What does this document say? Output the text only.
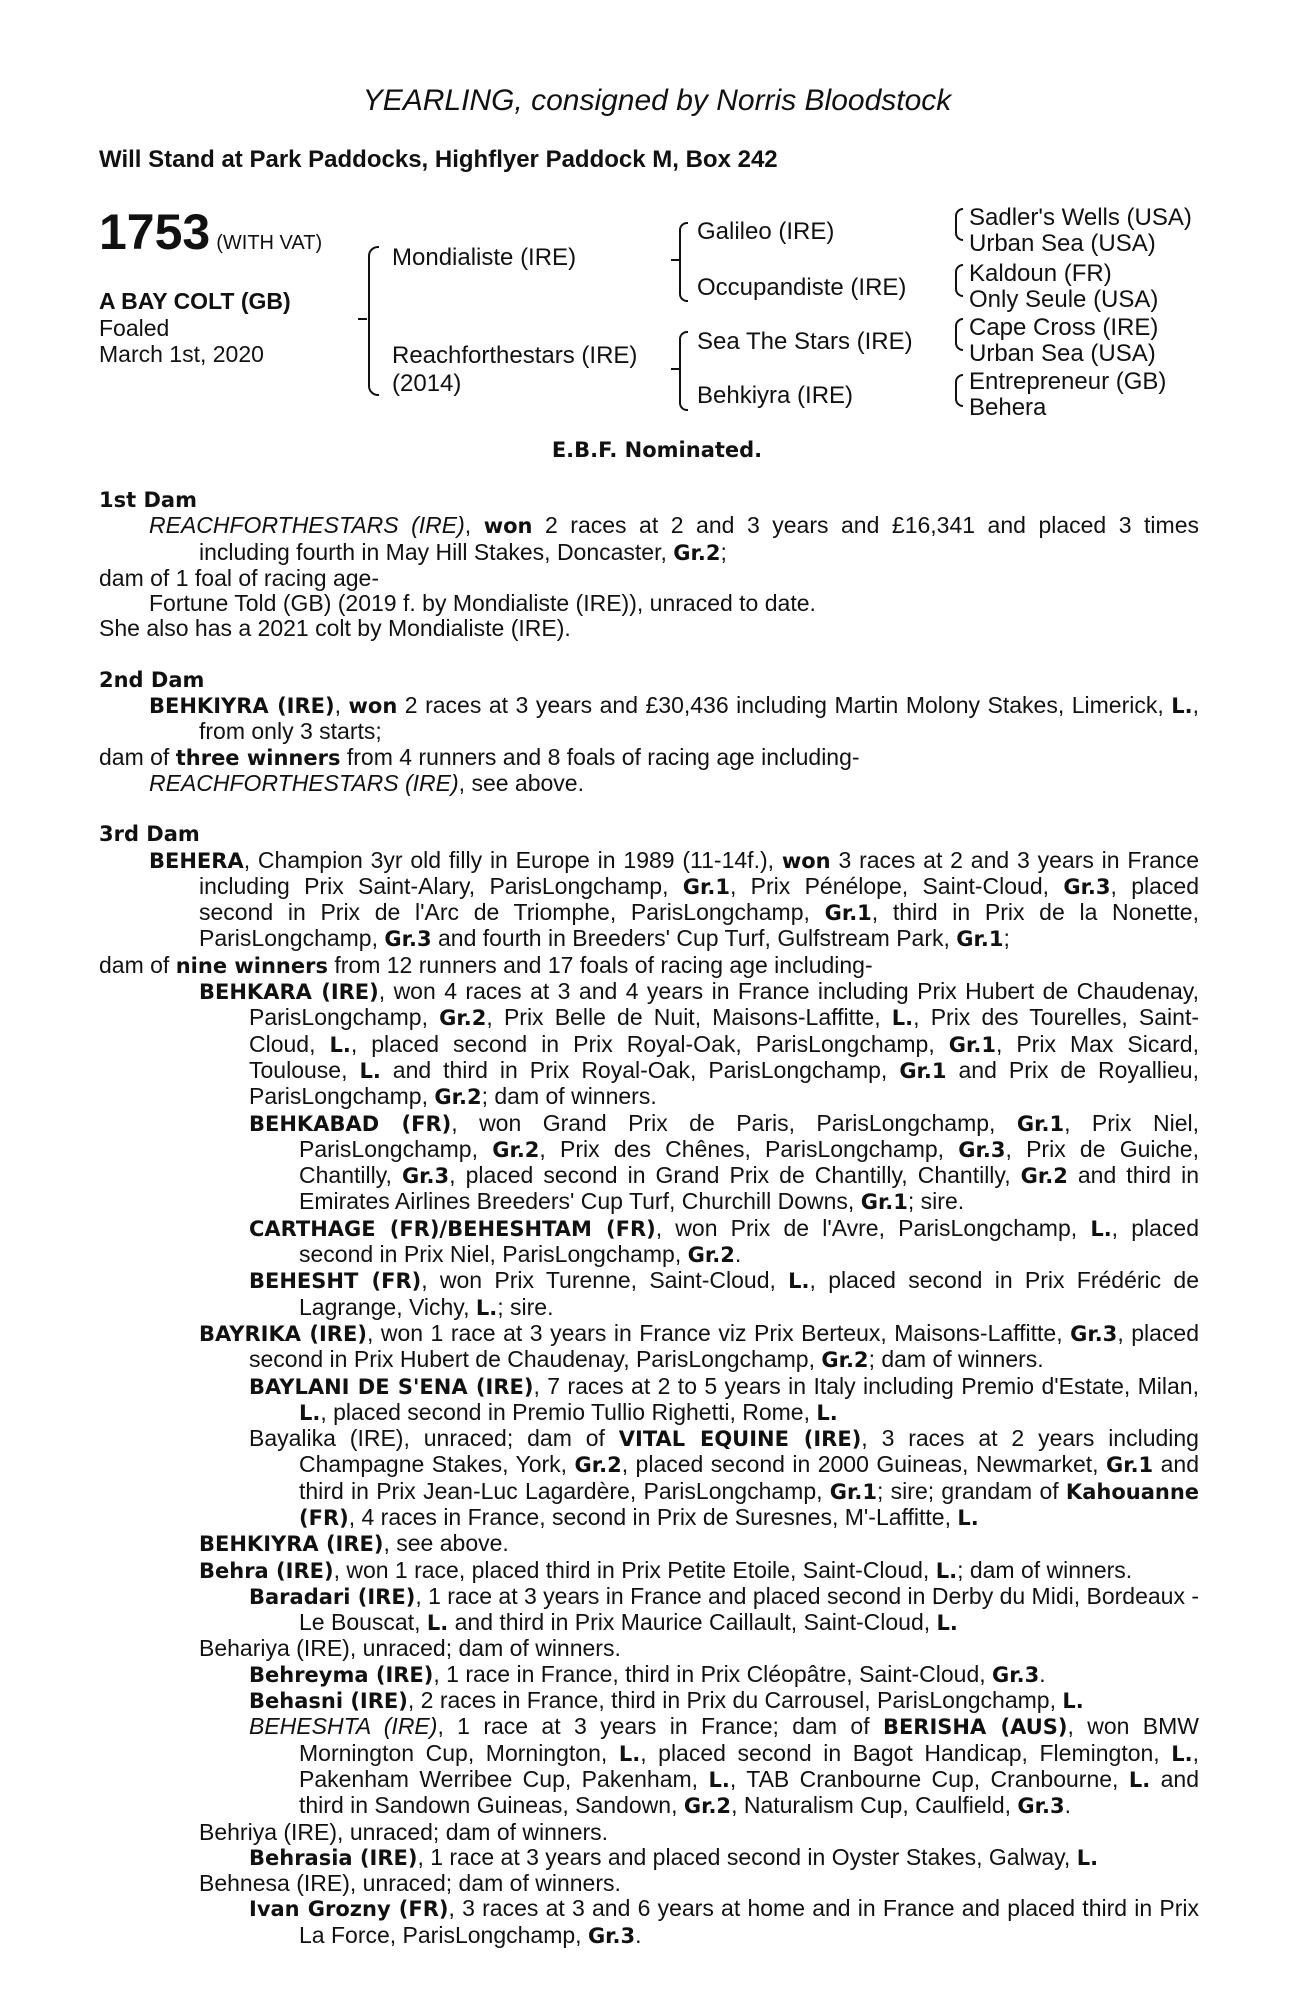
YEARLING, consigned by Norris Bloodstock
Will Stand at Park Paddocks, Highflyer Paddock M, Box 242
1753 (WITH VAT)
A BAY COLT (GB)
Foaled
March 1st, 2020
Mondialiste (IRE)
Reachforthestars (IRE)
(2014)
Galileo (IRE)
Occupandiste (IRE)
Sea The Stars (IRE)
Behkiyra (IRE)
Sadler's Wells (USA)
Urban Sea (USA)
Kaldoun (FR)
Only Seule (USA)
Cape Cross (IRE)
Urban Sea (USA)
Entrepreneur (GB)
Behera
E.B.F. Nominated.

1st Dam

REACHFORTHESTARS (IRE), won 2 races at 2 and 3 years and £16,341 and placed 3 times including fourth in May Hill Stakes, Doncaster, Gr.2;

dam of 1 foal of racing age-

Fortune Told (GB) (2019 f. by Mondialiste (IRE)), unraced to date.

She also has a 2021 colt by Mondialiste (IRE).

2nd Dam

BEHKIYRA (IRE), won 2 races at 3 years and £30,436 including Martin Molony Stakes, Limerick, L., from only 3 starts;

dam of three winners from 4 runners and 8 foals of racing age including-

REACHFORTHESTARS (IRE), see above.

3rd Dam

BEHERA, Champion 3yr old filly in Europe in 1989 (11-14f.), won 3 races at 2 and 3 years in France including Prix Saint-Alary, ParisLongchamp, Gr.1, Prix Pénélope, Saint-Cloud, Gr.3, placed second in Prix de l'Arc de Triomphe, ParisLongchamp, Gr.1, third in Prix de la Nonette, ParisLongchamp, Gr.3 and fourth in Breeders' Cup Turf, Gulfstream Park, Gr.1;

dam of nine winners from 12 runners and 17 foals of racing age including-

BEHKARA (IRE), won 4 races at 3 and 4 years in France including Prix Hubert de Chaudenay, ParisLongchamp, Gr.2, Prix Belle de Nuit, Maisons-Laffitte, L., Prix des Tourelles, Saint-Cloud, L., placed second in Prix Royal-Oak, ParisLongchamp, Gr.1, Prix Max Sicard, Toulouse, L. and third in Prix Royal-Oak, ParisLongchamp, Gr.1 and Prix de Royallieu, ParisLongchamp, Gr.2; dam of winners.

BEHKABAD (FR), won Grand Prix de Paris, ParisLongchamp, Gr.1, Prix Niel, ParisLongchamp, Gr.2, Prix des Chênes, ParisLongchamp, Gr.3, Prix de Guiche, Chantilly, Gr.3, placed second in Grand Prix de Chantilly, Chantilly, Gr.2 and third in Emirates Airlines Breeders' Cup Turf, Churchill Downs, Gr.1; sire.

CARTHAGE (FR)/BEHESHTAM (FR), won Prix de l'Avre, ParisLongchamp, L., placed second in Prix Niel, ParisLongchamp, Gr.2.

BEHESHT (FR), won Prix Turenne, Saint-Cloud, L., placed second in Prix Frédéric de Lagrange, Vichy, L.; sire.

BAYRIKA (IRE), won 1 race at 3 years in France viz Prix Berteux, Maisons-Laffitte, Gr.3, placed second in Prix Hubert de Chaudenay, ParisLongchamp, Gr.2; dam of winners.

BAYLANI DE S'ENA (IRE), 7 races at 2 to 5 years in Italy including Premio d'Estate, Milan, L., placed second in Premio Tullio Righetti, Rome, L.

Bayalika (IRE), unraced; dam of VITAL EQUINE (IRE), 3 races at 2 years including Champagne Stakes, York, Gr.2, placed second in 2000 Guineas, Newmarket, Gr.1 and third in Prix Jean-Luc Lagardère, ParisLongchamp, Gr.1; sire; grandam of Kahouanne (FR), 4 races in France, second in Prix de Suresnes, M'-Laffitte, L.

BEHKIYRA (IRE), see above.

Behra (IRE), won 1 race, placed third in Prix Petite Etoile, Saint-Cloud, L.; dam of winners.

Baradari (IRE), 1 race at 3 years in France and placed second in Derby du Midi, Bordeaux - Le Bouscat, L. and third in Prix Maurice Caillault, Saint-Cloud, L.

Behariya (IRE), unraced; dam of winners.

Behreyma (IRE), 1 race in France, third in Prix Cléopâtre, Saint-Cloud, Gr.3.

Behasni (IRE), 2 races in France, third in Prix du Carrousel, ParisLongchamp, L.

BEHESHTA (IRE), 1 race at 3 years in France; dam of BERISHA (AUS), won BMW Mornington Cup, Mornington, L., placed second in Bagot Handicap, Flemington, L., Pakenham Werribee Cup, Pakenham, L., TAB Cranbourne Cup, Cranbourne, L. and third in Sandown Guineas, Sandown, Gr.2, Naturalism Cup, Caulfield, Gr.3.

Behriya (IRE), unraced; dam of winners.

Behrasia (IRE), 1 race at 3 years and placed second in Oyster Stakes, Galway, L.

Behnesa (IRE), unraced; dam of winners.

Ivan Grozny (FR), 3 races at 3 and 6 years at home and in France and placed third in Prix La Force, ParisLongchamp, Gr.3.
